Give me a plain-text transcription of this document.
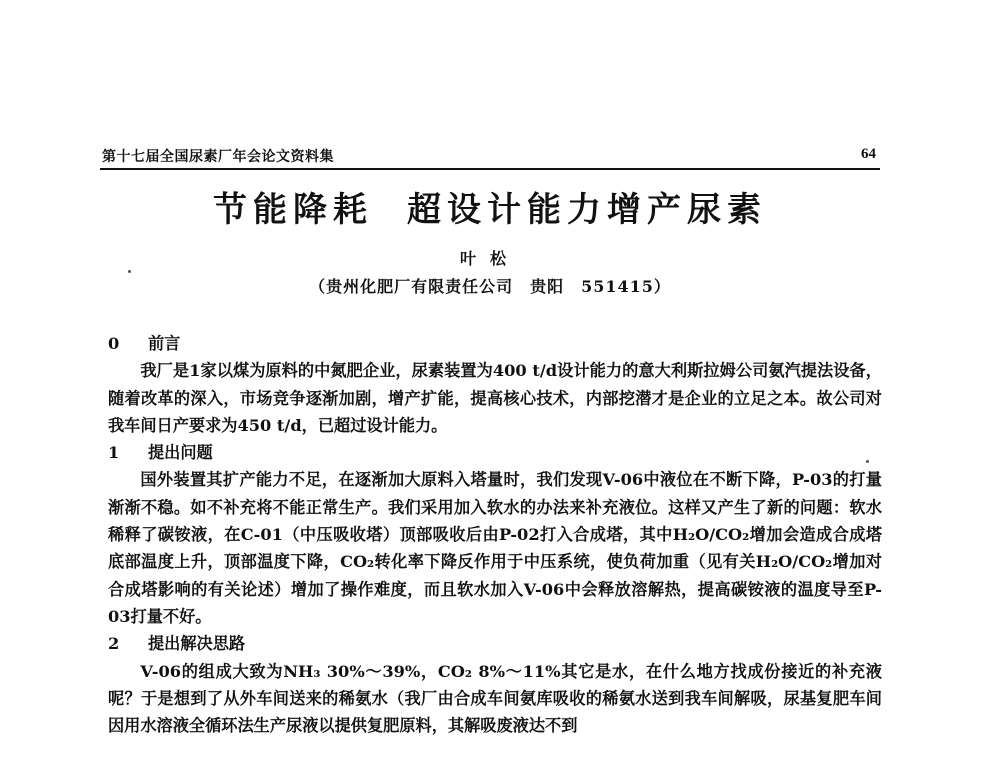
第十七届全国尿素厂年会论文资料集	64
节能降耗 超设计能力增产尿素
叶松
（贵州化肥厂有限责任公司　贵阳　551415）

0 前言

我厂是1家以煤为原料的中氮肥企业，尿素装置为400 t/d设计能力的意大利斯拉姆公司氨汽提法设备，随着改革的深入，市场竞争逐渐加剧，增产扩能，提高核心技术，内部挖潜才是企业的立足之本。故公司对我车间日产要求为450 t/d，已超过设计能力。

1 提出问题

国外装置其扩产能力不足，在逐渐加大原料入塔量时，我们发现V-06中液位在不断下降，P-03的打量渐渐不稳。如不补充将不能正常生产。我们采用加入软水的办法来补充液位。这样又产生了新的问题：软水稀释了碳铵液，在C-01（中压吸收塔）顶部吸收后由P-02打入合成塔，其中H₂O/CO₂增加会造成合成塔底部温度上升，顶部温度下降，CO₂转化率下降反作用于中压系统，使负荷加重（见有关H₂O/CO₂增加对合成塔影响的有关论述）增加了操作难度，而且软水加入V-06中会释放溶解热，提高碳铵液的温度导至P-03打量不好。

2 提出解决思路

V-06的组成大致为NH₃ 30%～39%，CO₂ 8%～11%其它是水，在什么地方找成份接近的补充液呢？于是想到了从外车间送来的稀氨水（我厂由合成车间氨库吸收的稀氨水送到我车间解吸，尿基复肥车间因用水溶液全循环法生产尿液以提供复肥原料，其解吸废液达不到
